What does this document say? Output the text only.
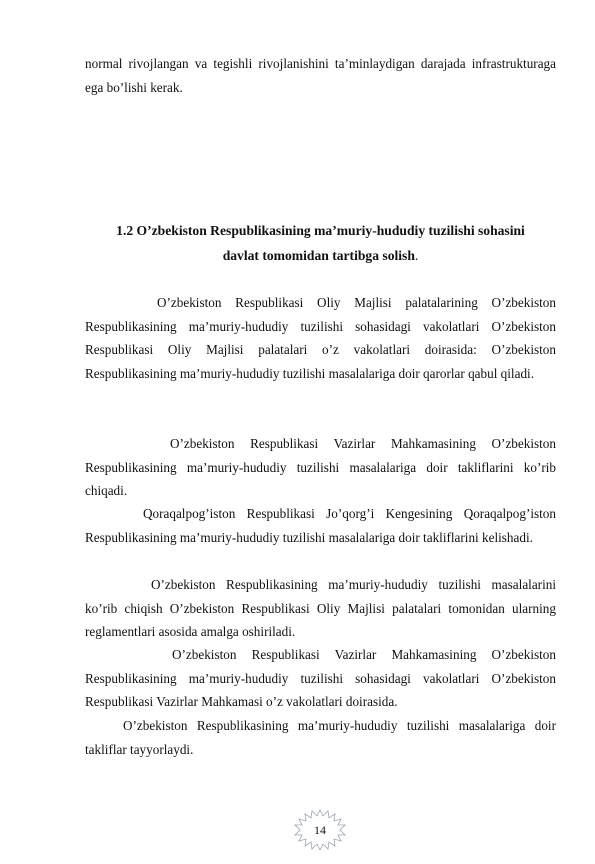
normal rivojlangan va tegishli rivojlanishini ta’minlaydigan darajada infrastrukturaga ega bo’lishi kerak.

1.2 O’zbekiston Respublikasining ma’muriy-hududiy tuzilishi sohasini
davlat tomomidan tartibga solish.

O’zbekiston Respublikasi Oliy Majlisi palatalarining O’zbekiston Respublikasining ma’muriy-hududiy tuzilishi sohasidagi vakolatlari O’zbekiston Respublikasi Oliy Majlisi palatalari o’z vakolatlari doirasida: O’zbekiston Respublikasining ma’muriy-hududiy tuzilishi masalalariga doir qarorlar qabul qiladi.

O’zbekiston Respublikasi Vazirlar Mahkamasining O’zbekiston Respublikasining ma’muriy-hududiy tuzilishi masalalariga doir takliflarini ko’rib chiqadi.

Qoraqalpog’iston Respublikasi Jo’qorg’i Kengesining Qoraqalpog’iston Respublikasining ma’muriy-hududiy tuzilishi masalalariga doir takliflarini kelishadi.

O’zbekiston Respublikasining ma’muriy-hududiy tuzilishi masalalarini ko’rib chiqish O’zbekiston Respublikasi Oliy Majlisi palatalari tomonidan ularning reglamentlari asosida amalga oshiriladi.

O’zbekiston Respublikasi Vazirlar Mahkamasining O’zbekiston Respublikasining ma’muriy-hududiy tuzilishi sohasidagi vakolatlari O’zbekiston Respublikasi Vazirlar Mahkamasi o’z vakolatlari doirasida.

O’zbekiston Respublikasining ma’muriy-hududiy tuzilishi masalalariga doir takliflar tayyorlaydi.

14
